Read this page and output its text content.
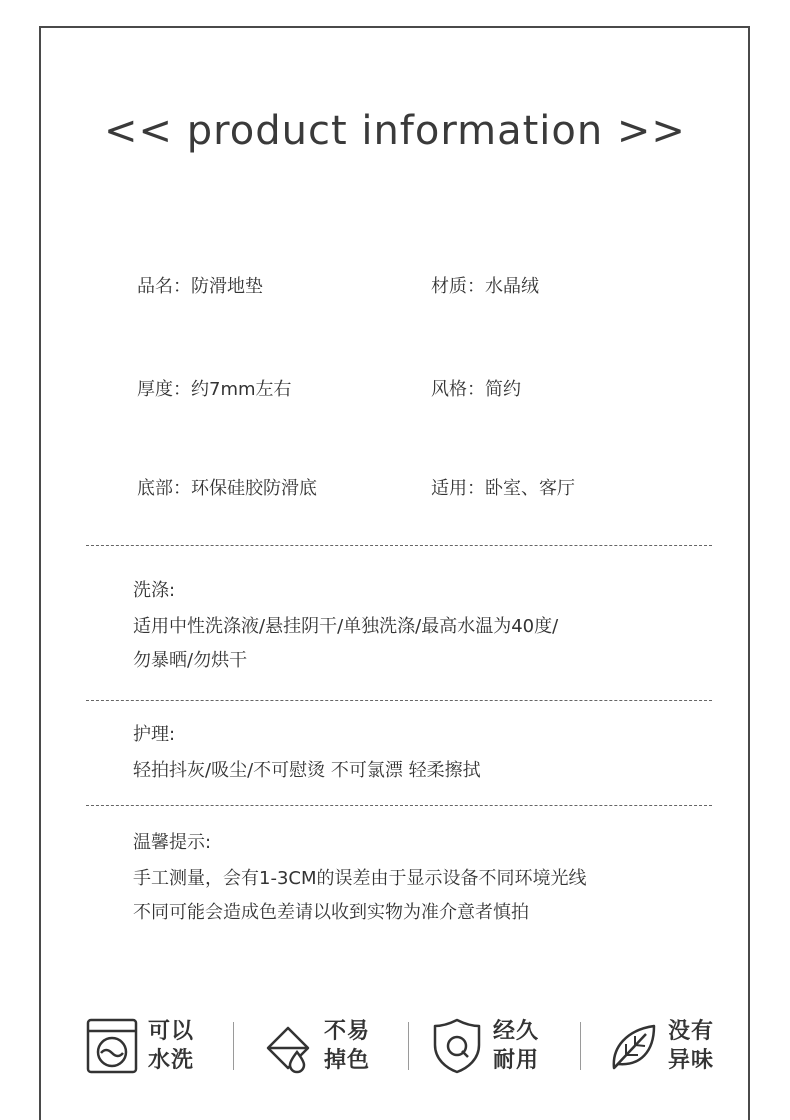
<< product information >>
品名：防滑地垫	材质：水晶绒
厚度：约7mm左右	风格：简约
底部：环保硅胶防滑底	适用：卧室、客厅
洗涤:
适用中性洗涤液/悬挂阴干/单独洗涤/最高水温为40度/
勿暴晒/勿烘干
护理:
轻拍抖灰/吸尘/不可慰烫 不可氯漂 轻柔擦拭
温馨提示:
手工测量，会有1-3CM的误差由于显示设备不同环境光线
不同可能会造成色差请以收到实物为准介意者慎拍
可以
水洗
不易
掉色
经久
耐用
没有
异味
